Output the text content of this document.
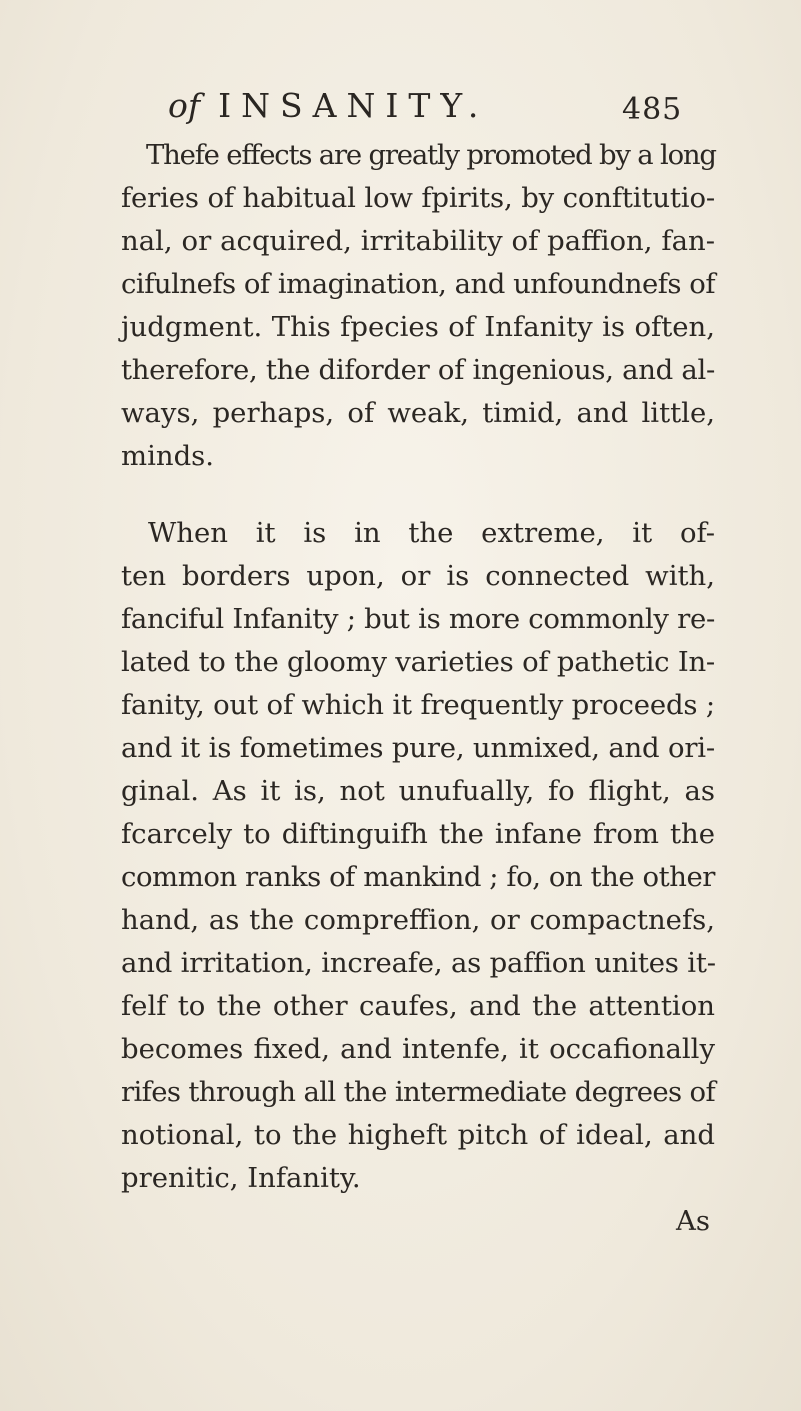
of INSANITY.	485
Thefe effects are greatly promoted by a long
feries of habitual low fpirits, by conftitutio-
nal, or acquired, irritability of paffion, fan-
cifulnefs of imagination, and unfoundnefs of
judgment. This fpecies of Infanity is often,
therefore, the diforder of ingenious, and al-
ways, perhaps, of weak, timid, and little,
minds.
When it is in the extreme, it of-
ten borders upon, or is connected with,
fanciful Infanity ; but is more commonly re-
lated to the gloomy varieties of pathetic In-
fanity, out of which it frequently proceeds ;
and it is fometimes pure, unmixed, and ori-
ginal. As it is, not unufually, fo flight, as
fcarcely to diftinguifh the infane from the
common ranks of mankind ; fo, on the other
hand, as the compreffion, or compactnefs,
and irritation, increafe, as paffion unites it-
felf to the other caufes, and the attention
becomes fixed, and intenfe, it occafionally
rifes through all the intermediate degrees of
notional, to the higheft pitch of ideal, and
prenitic, Infanity.
As
